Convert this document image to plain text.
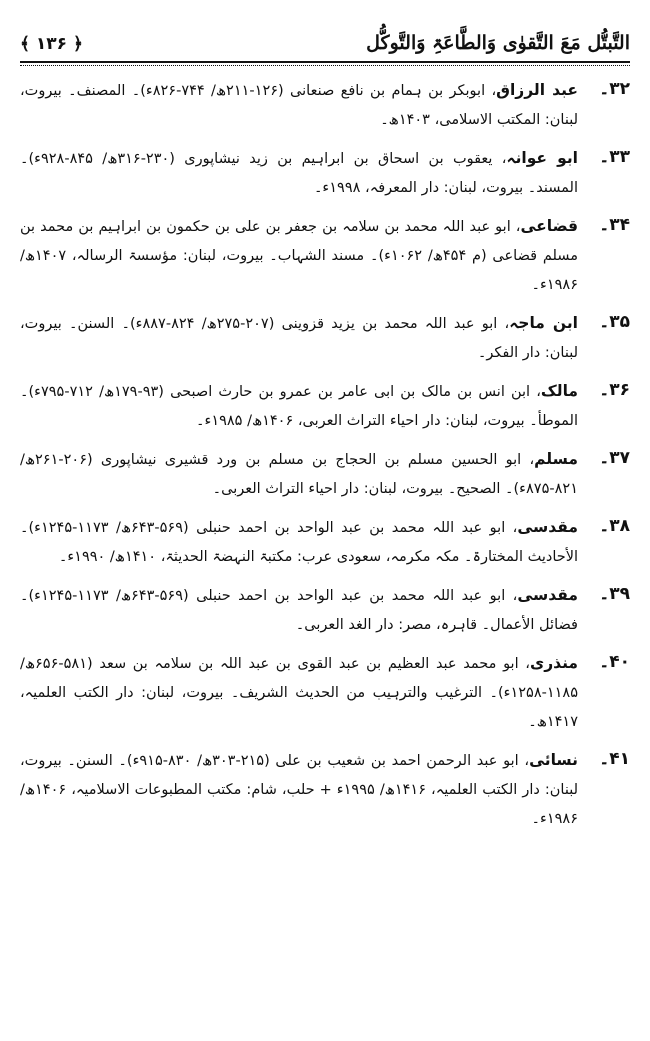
التَّبتُّل مَعَ التَّقوٰی وَالطَّاعَۃِ وَالتَّوکُّل
﴿ ۱۳۶ ﴾
۳۲۔
عبد الرزاق، ابوبکر بن ہمام بن نافع صنعانی (۱۲۶-۲۱۱ھ/ ۷۴۴-۸۲۶ء)۔ المصنف۔ بیروت، لبنان: المکتب الاسلامی، ۱۴۰۳ھ۔
۳۳۔
ابو عوانہ، یعقوب بن اسحاق بن ابراہیم بن زید نیشاپوری (۲۳۰-۳۱۶ھ/ ۸۴۵-۹۲۸ء)۔ المسند۔ بیروت، لبنان: دار المعرفہ، ۱۹۹۸ء۔
۳۴۔
قضاعی، ابو عبد اللہ محمد بن سلامہ بن جعفر بن علی بن حکمون بن ابراہیم بن محمد بن مسلم قضاعی (م ۴۵۴ھ/ ۱۰۶۲ء)۔ مسند الشہاب۔ بیروت، لبنان: مؤسسۃ الرسالہ، ۱۴۰۷ھ/ ۱۹۸۶ء۔
۳۵۔
ابن ماجہ، ابو عبد اللہ محمد بن یزید قزوینی (۲۰۷-۲۷۵ھ/ ۸۲۴-۸۸۷ء)۔ السنن۔ بیروت، لبنان: دار الفکر۔
۳۶۔
مالک، ابن انس بن مالک بن ابی عامر بن عمرو بن حارث اصبحی (۹۳-۱۷۹ھ/ ۷۱۲-۷۹۵ء)۔ الموطأ۔ بیروت، لبنان: دار احیاء التراث العربی، ۱۴۰۶ھ/ ۱۹۸۵ء۔
۳۷۔
مسلم، ابو الحسین مسلم بن الحجاج بن مسلم بن ورد قشیری نیشاپوری (۲۰۶-۲۶۱ھ/ ۸۲۱-۸۷۵ء)۔ الصحیح۔ بیروت، لبنان: دار احیاء التراث العربی۔
۳۸۔
مقدسی، ابو عبد اللہ محمد بن عبد الواحد بن احمد حنبلی (۵۶۹-۶۴۳ھ/ ۱۱۷۳-۱۲۴۵ء)۔ الأحادیث المختارۃ۔ مکہ مکرمہ، سعودی عرب: مکتبۃ النہضۃ الحدیثۃ، ۱۴۱۰ھ/ ۱۹۹۰ء۔
۳۹۔
مقدسی، ابو عبد اللہ محمد بن عبد الواحد بن احمد حنبلی (۵۶۹-۶۴۳ھ/ ۱۱۷۳-۱۲۴۵ء)۔ فضائل الأعمال۔ قاہرہ، مصر: دار الغد العربی۔
۴۰۔
منذری، ابو محمد عبد العظیم بن عبد القوی بن عبد اللہ بن سلامہ بن سعد (۵۸۱-۶۵۶ھ/ ۱۱۸۵-۱۲۵۸ء)۔ الترغیب والترہیب من الحدیث الشریف۔ بیروت، لبنان: دار الکتب العلمیہ، ۱۴۱۷ھ۔
۴۱۔
نسائی، ابو عبد الرحمن احمد بن شعیب بن علی (۲۱۵-۳۰۳ھ/ ۸۳۰-۹۱۵ء)۔ السنن۔ بیروت، لبنان: دار الکتب العلمیہ، ۱۴۱۶ھ/ ۱۹۹۵ء + حلب، شام: مکتب المطبوعات الاسلامیہ، ۱۴۰۶ھ/ ۱۹۸۶ء۔
